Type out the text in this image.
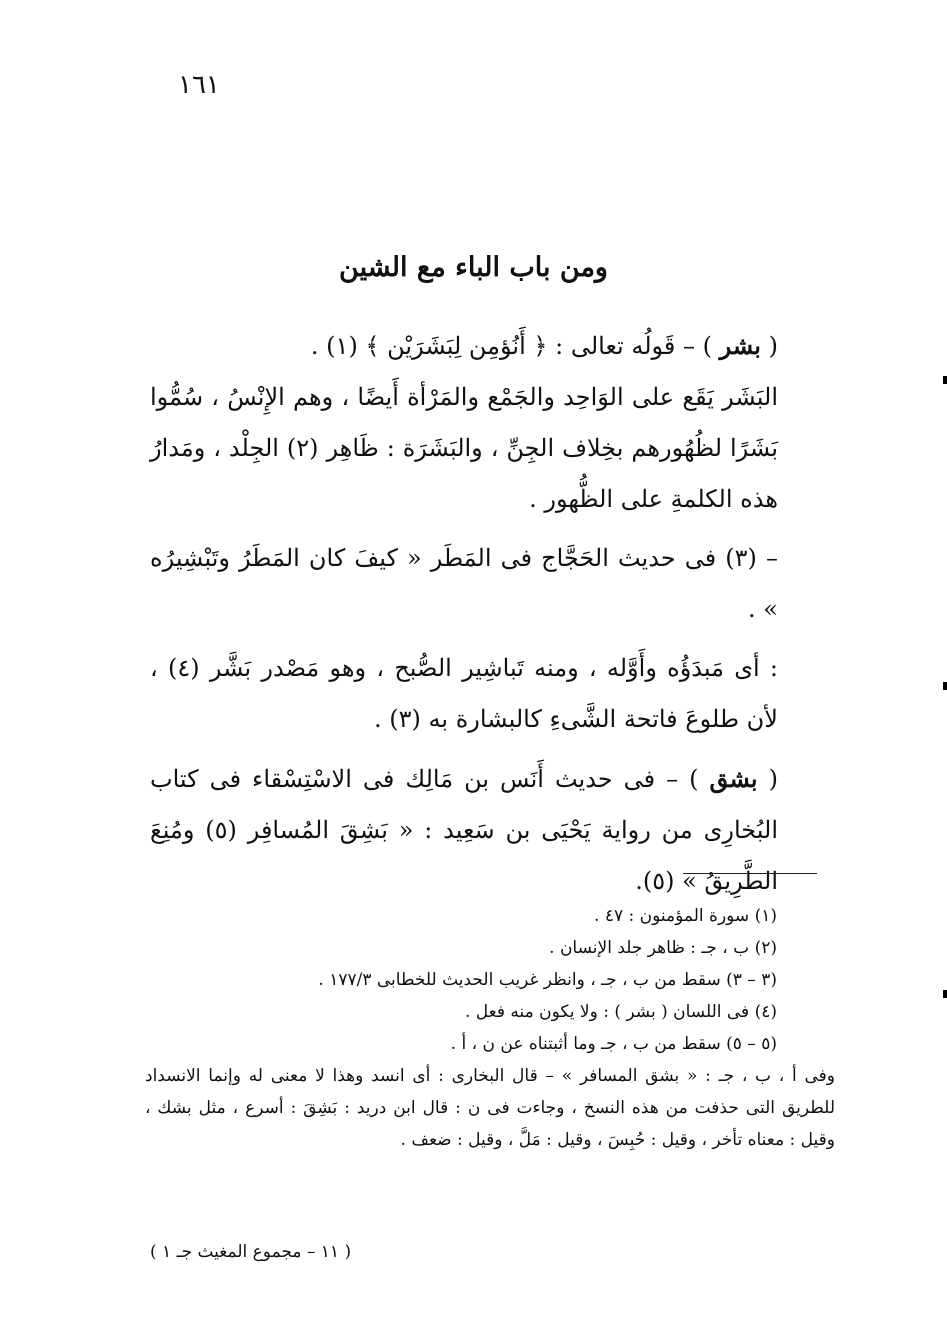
١٦١
ومن باب الباء مع الشين

( بشر ) – قَولُه تعالى : ﴿ أَنُؤمِن لِبَشَرَيْن ﴾ (١) .

البَشَر يَقَع على الوَاحِد والجَمْع والمَرْأة أَيضًا ، وهم الإِنْسُ ، سُمُّوا بَشَرًا لظُهُورهم بخِلاف الجِنِّ ، والبَشَرَة : ظَاهِر (٢) الجِلْد ، ومَدارُ هذه الكلمةِ على الظُّهور .

– (٣) فى حديث الحَجَّاج فى المَطَر « كيفَ كان المَطَرُ وتَبْشِيرُه » .

: أى مَبدَؤُه وأَوَّله ، ومنه تَباشِير الصُّبح ، وهو مَصْدر بَشَّر (٤) ، لأن طلوعَ فاتحة الشَّىءِ كالبشارة به (٣) .

( بشق ) – فى حديث أَنَس بن مَالِك فى الاسْتِسْقاء فى كتاب البُخارِى من رواية يَحْيَى بن سَعِيد : « بَشِقَ المُسافِر (٥) ومُنِعَ الطَّرِيقُ » (٥).

(١) سورة المؤمنون : ٤٧ .

(٢) ب ، جـ : ظاهر جلد الإنسان .

(٣ – ٣) سقط من ب ، جـ ، وانظر غريب الحديث للخطابى ١٧٧/٣ .

(٤) فى اللسان ( بشر ) : ولا يكون منه فعل .

(٥ – ٥) سقط من ب ، جـ وما أثبتناه عن ن ، أ .

وفى أ ، ب ، جـ : « بشق المسافر » – قال البخارى : أى انسد وهذا لا معنى له وإنما الانسداد للطريق التى حذفت من هذه النسخ ، وجاءت فى ن : قال ابن دريد : بَشِقَ : أسرع ، مثل بشك ، وقيل : معناه تأخر ، وقيل : حُبِسَ ، وقيل : مَلَّ ، وقيل : ضعف .

( ١١ – مجموع المغيث جـ ١ )
